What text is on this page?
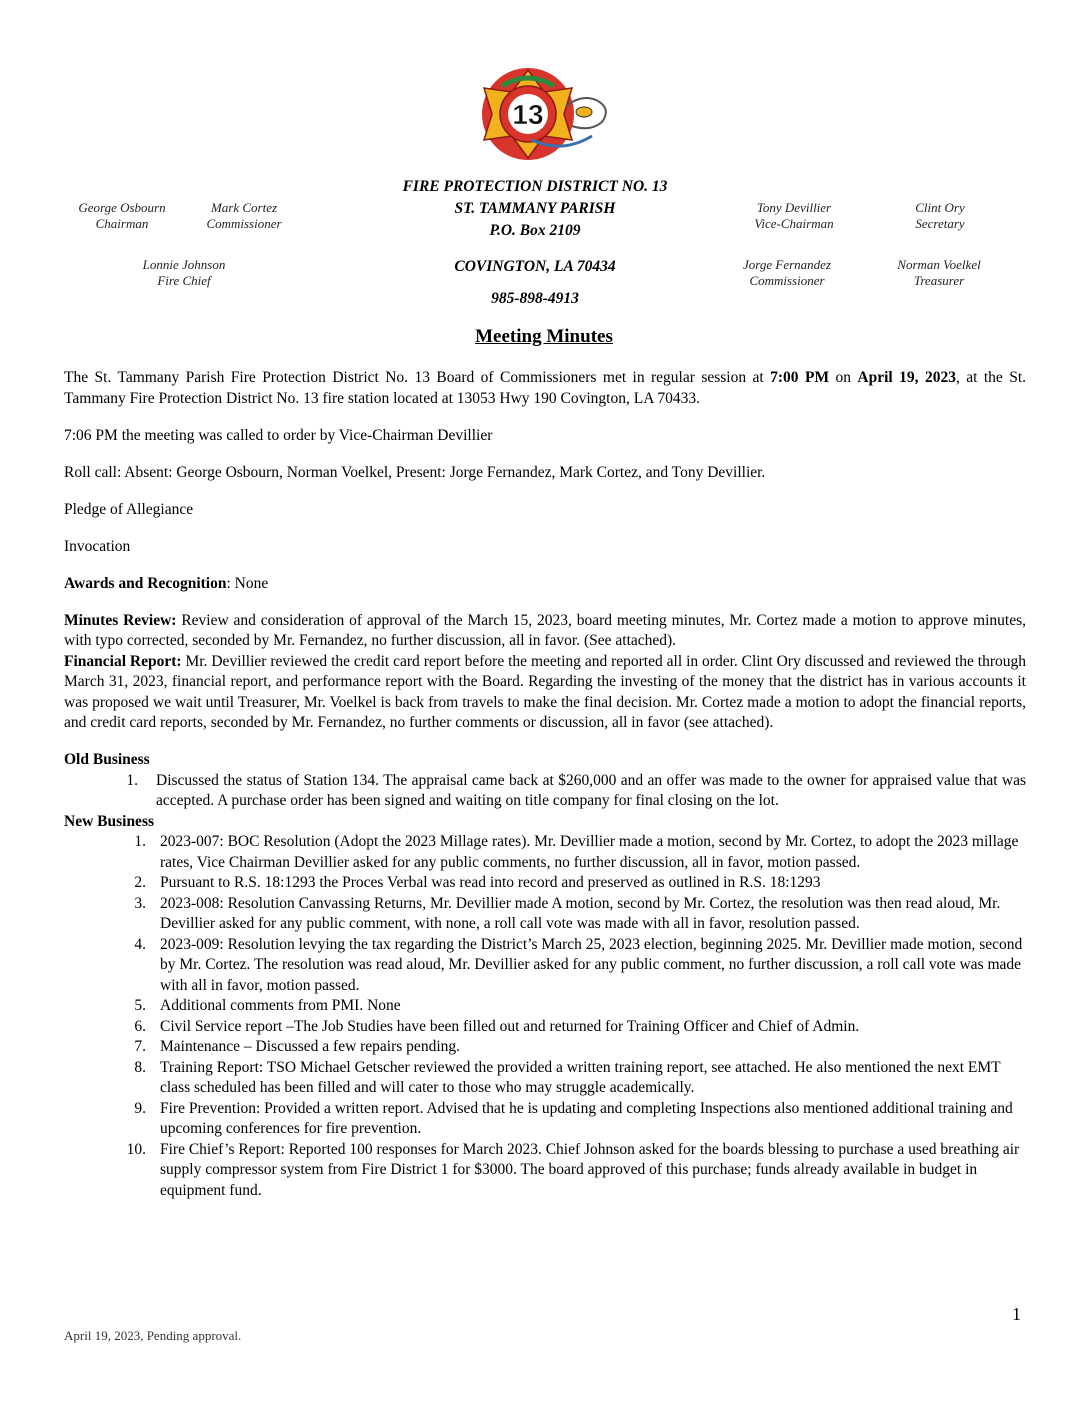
13
George Osbourn
Chairman
Mark Cortez
Commissioner
Lonnie Johnson
Fire Chief
FIRE PROTECTION DISTRICT NO. 13
ST. TAMMANY PARISH
P.O. Box 2109
COVINGTON, LA 70434
985-898-4913
Tony Devillier
Vice-Chairman
Clint Ory
Secretary
Jorge Fernandez
Commissioner
Norman Voelkel
Treasurer
Meeting Minutes

The St. Tammany Parish Fire Protection District No. 13 Board of Commissioners met in regular session at 7:00 PM on April 19, 2023, at the St. Tammany Fire Protection District No. 13 fire station located at 13053 Hwy 190 Covington, LA 70433.

7:06 PM the meeting was called to order by Vice-Chairman Devillier

Roll call: Absent: George Osbourn, Norman Voelkel, Present: Jorge Fernandez, Mark Cortez, and Tony Devillier.

Pledge of Allegiance

Invocation

Awards and Recognition: None

Minutes Review: Review and consideration of approval of the March 15, 2023, board meeting minutes, Mr. Cortez made a motion to approve minutes, with typo corrected, seconded by Mr. Fernandez, no further discussion, all in favor. (See attached).

Financial Report: Mr. Devillier reviewed the credit card report before the meeting and reported all in order. Clint Ory discussed and reviewed the through March 31, 2023, financial report, and performance report with the Board. Regarding the investing of the money that the district has in various accounts it was proposed we wait until Treasurer, Mr. Voelkel is back from travels to make the final decision. Mr. Cortez made a motion to adopt the financial reports, and credit card reports, seconded by Mr. Fernandez, no further comments or discussion, all in favor (see attached).

Old Business

1. Discussed the status of Station 134. The appraisal came back at $260,000 and an offer was made to the owner for appraised value that was accepted. A purchase order has been signed and waiting on title company for final closing on the lot.

New Business

1. 2023-007: BOC Resolution (Adopt the 2023 Millage rates). Mr. Devillier made a motion, second by Mr. Cortez, to adopt the 2023 millage rates, Vice Chairman Devillier asked for any public comments, no further discussion, all in favor, motion passed.
2. Pursuant to R.S. 18:1293 the Proces Verbal was read into record and preserved as outlined in R.S. 18:1293
3. 2023-008: Resolution Canvassing Returns, Mr. Devillier made A motion, second by Mr. Cortez, the resolution was then read aloud, Mr. Devillier asked for any public comment, with none, a roll call vote was made with all in favor, resolution passed.
4. 2023-009: Resolution levying the tax regarding the District’s March 25, 2023 election, beginning 2025. Mr. Devillier made motion, second by Mr. Cortez. The resolution was read aloud, Mr. Devillier asked for any public comment, no further discussion, a roll call vote was made with all in favor, motion passed.
5. Additional comments from PMI. None
6. Civil Service report –The Job Studies have been filled out and returned for Training Officer and Chief of Admin.
7. Maintenance – Discussed a few repairs pending.
8. Training Report: TSO Michael Getscher reviewed the provided a written training report, see attached. He also mentioned the next EMT class scheduled has been filled and will cater to those who may struggle academically.
9. Fire Prevention: Provided a written report. Advised that he is updating and completing Inspections also mentioned additional training and upcoming conferences for fire prevention.
10. Fire Chief’s Report: Reported 100 responses for March 2023. Chief Johnson asked for the boards blessing to purchase a used breathing air supply compressor system from Fire District 1 for $3000. The board approved of this purchase; funds already available in budget in equipment fund.
1
April 19, 2023, Pending approval.
